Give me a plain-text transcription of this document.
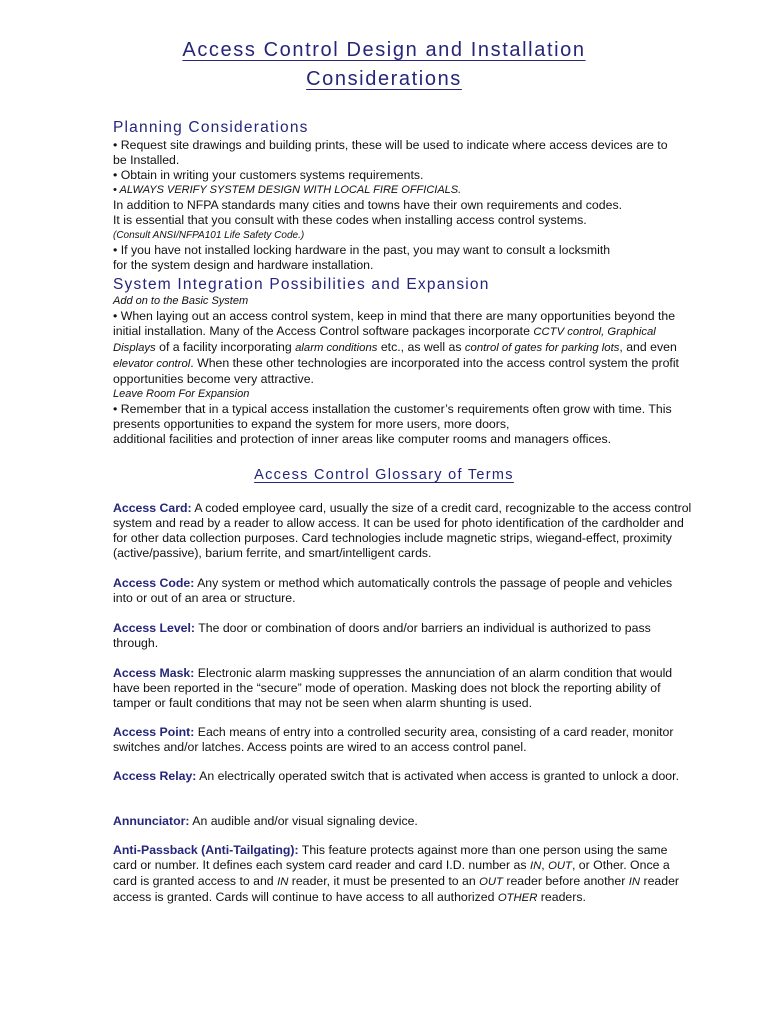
Access Control Design and Installation
Considerations
Planning Considerations

• Request site drawings and building prints, these will be used to indicate where access devices are to

be Installed.

• Obtain in writing your customers systems requirements.

• ALWAYS VERIFY SYSTEM DESIGN WITH LOCAL FIRE OFFICIALS.

In addition to NFPA standards many cities and towns have their own requirements and codes.

It is essential that you consult with these codes when installing access control systems.

(Consult ANSI/NFPA101 Life Safety Code.)

• If you have not installed locking hardware in the past, you may want to consult a locksmith

for the system design and hardware installation.

System Integration Possibilities and Expansion

Add on to the Basic System

• When laying out an access control system, keep in mind that there are many opportunities beyond the initial installation. Many of the Access Control software packages incorporate CCTV control, Graphical Displays of a facility incorporating alarm conditions etc., as well as control of gates for parking lots, and even elevator control. When these other technologies are incorporated into the access control system the profit opportunities become very attractive.

Leave Room For Expansion

• Remember that in a typical access installation the customer’s requirements often grow with time. This

presents opportunities to expand the system for more users, more doors,

additional facilities and protection of inner areas like computer rooms and managers offices.

Access Control Glossary of Terms
Access Card: A coded employee card, usually the size of a credit card, recognizable to the access control system and read by a reader to allow access. It can be used for photo identification of the cardholder and for other data collection purposes. Card technologies include magnetic strips, wiegand-effect, proximity (active/passive), barium ferrite, and smart/intelligent cards.
Access Code: Any system or method which automatically controls the passage of people and vehicles into or out of an area or structure.
Access Level: The door or combination of doors and/or barriers an individual is authorized to pass through.
Access Mask: Electronic alarm masking suppresses the annunciation of an alarm condition that would have been reported in the “secure” mode of operation. Masking does not block the reporting ability of tamper or fault conditions that may not be seen when alarm shunting is used.
Access Point: Each means of entry into a controlled security area, consisting of a card reader, monitor switches and/or latches. Access points are wired to an access control panel.
Access Relay: An electrically operated switch that is activated when access is granted to unlock a door.
Annunciator: An audible and/or visual signaling device.
Anti-Passback (Anti-Tailgating): This feature protects against more than one person using the same card or number. It defines each system card reader and card I.D. number as IN, OUT, or Other. Once a card is granted access to and IN reader, it must be presented to an OUT reader before another IN reader access is granted. Cards will continue to have access to all authorized OTHER readers.
